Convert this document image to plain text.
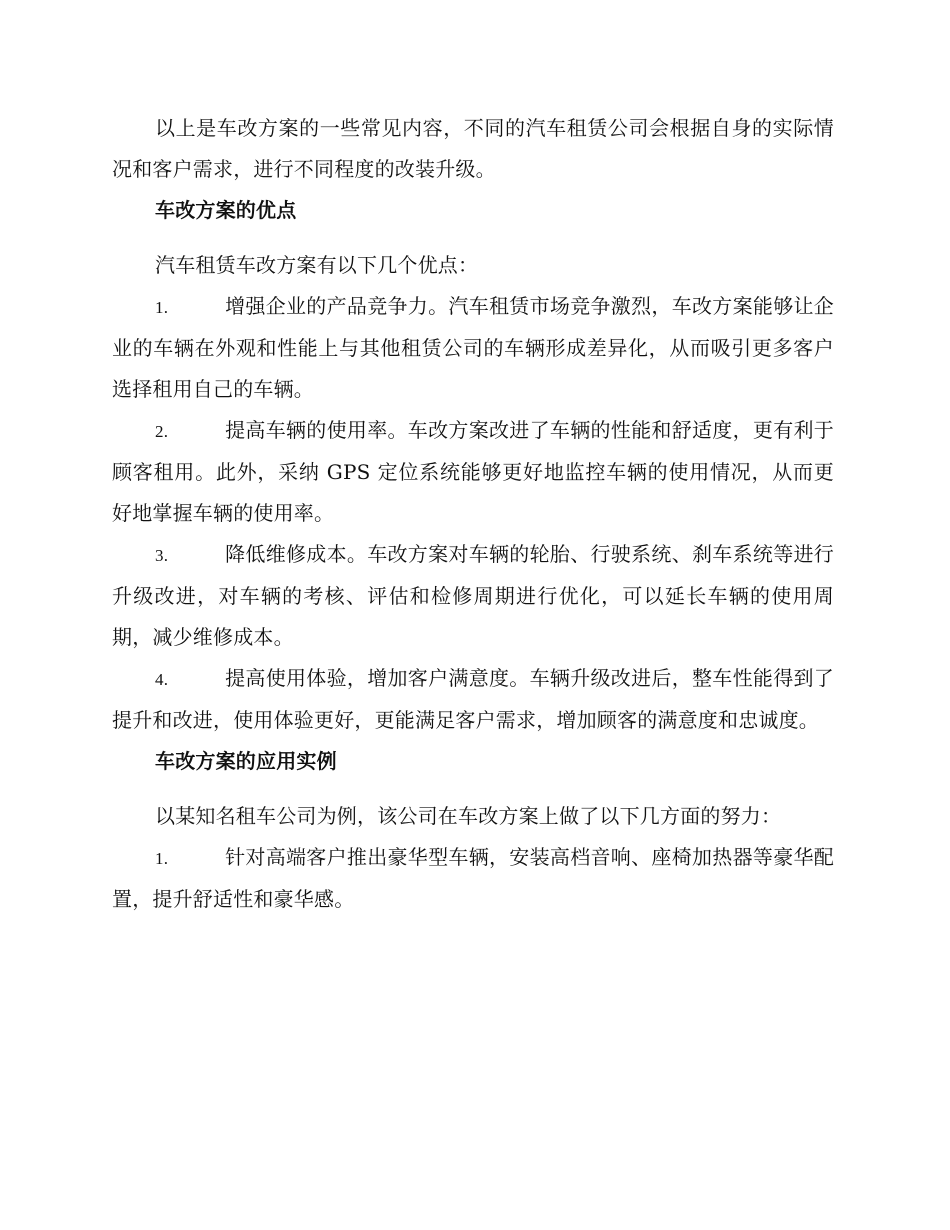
以上是车改方案的一些常见内容，不同的汽车租赁公司会根据自身的实际情况和客户需求，进行不同程度的改装升级。

车改方案的优点

汽车租赁车改方案有以下几个优点：

1.	增强企业的产品竞争力。汽车租赁市场竞争激烈，车改方案能够让企业的车辆在外观和性能上与其他租赁公司的车辆形成差异化，从而吸引更多客户选择租用自己的车辆。

2.	提高车辆的使用率。车改方案改进了车辆的性能和舒适度，更有利于顾客租用。此外，采纳 GPS 定位系统能够更好地监控车辆的使用情况，从而更好地掌握车辆的使用率。

3.	降低维修成本。车改方案对车辆的轮胎、行驶系统、刹车系统等进行升级改进，对车辆的考核、评估和检修周期进行优化，可以延长车辆的使用周期，减少维修成本。

4.	提高使用体验，增加客户满意度。车辆升级改进后，整车性能得到了提升和改进，使用体验更好，更能满足客户需求，增加顾客的满意度和忠诚度。

车改方案的应用实例

以某知名租车公司为例，该公司在车改方案上做了以下几方面的努力：

1.	针对高端客户推出豪华型车辆，安装高档音响、座椅加热器等豪华配置，提升舒适性和豪华感。
